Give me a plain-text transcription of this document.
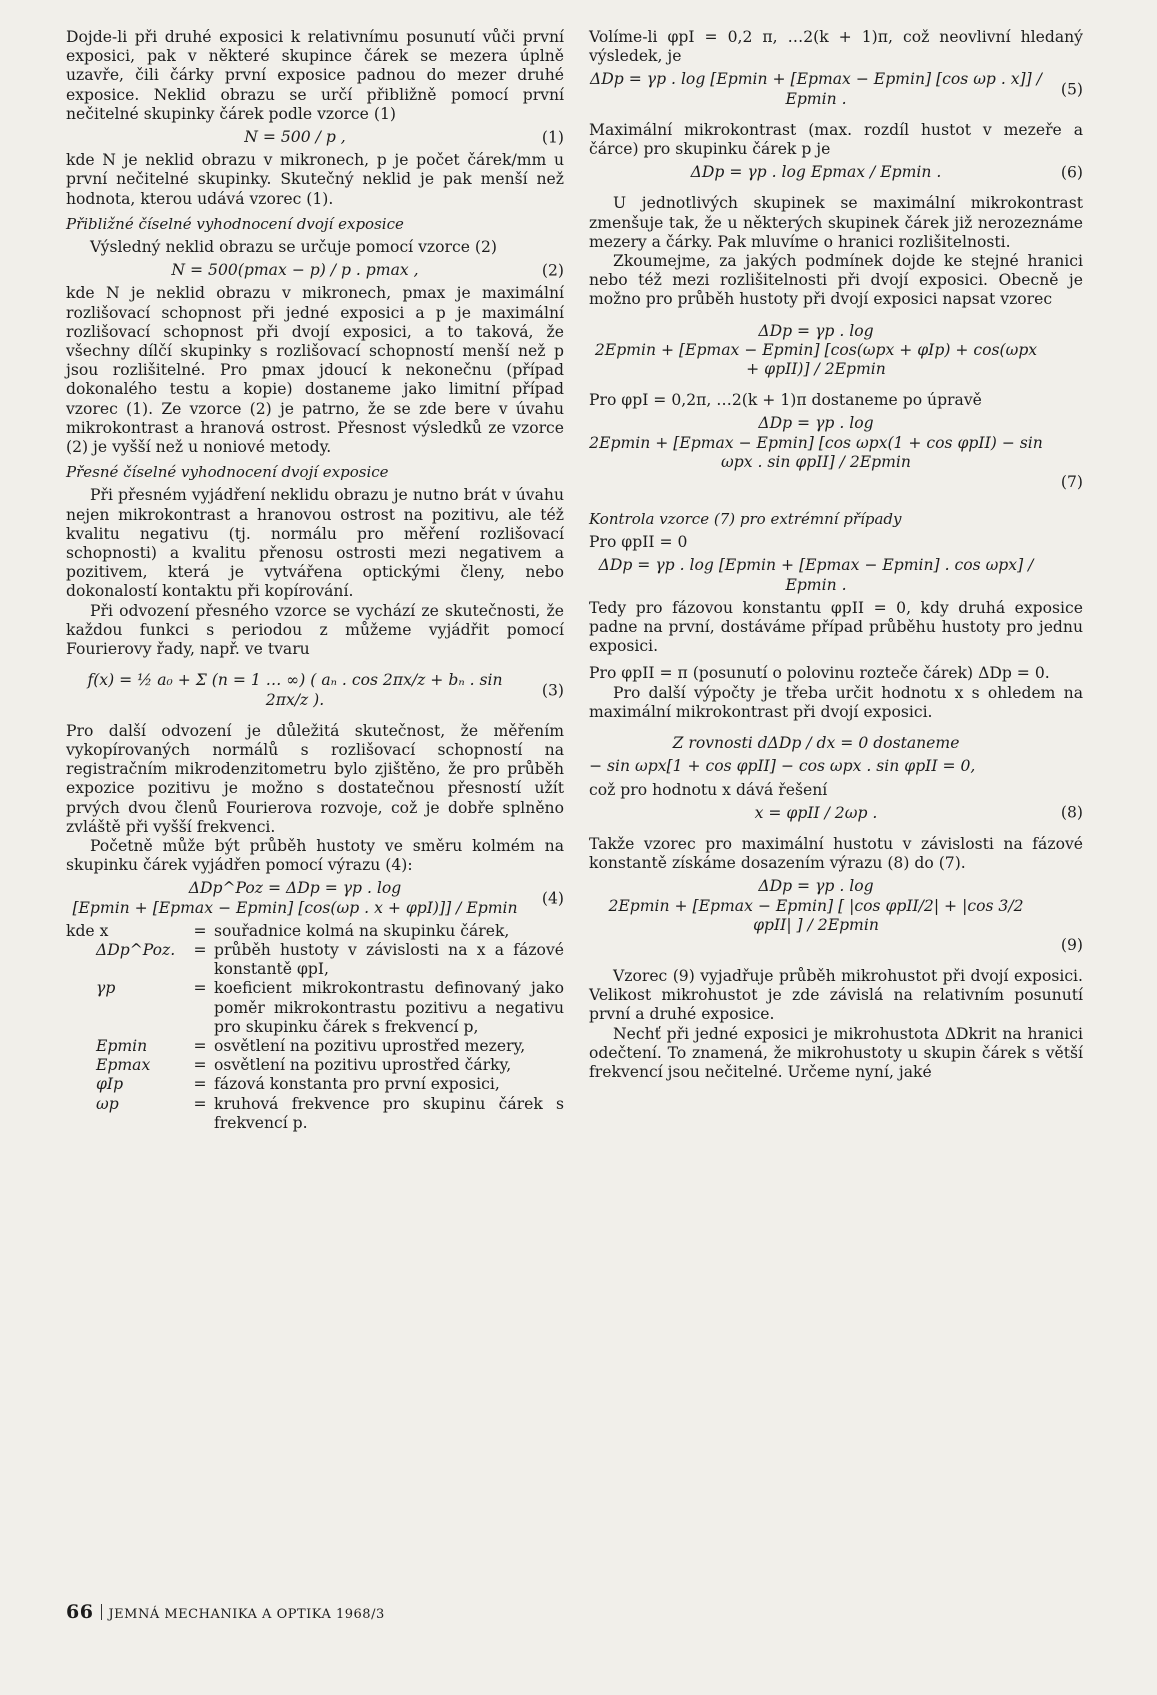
Dojde-li při druhé exposici k relativnímu posunutí vůči první exposici, pak v některé skupince čárek se mezera úplně uzavře, čili čárky první exposice padnou do mezer druhé exposice. Neklid obrazu se určí přibližně pomocí první nečitelné skupinky čárek podle vzorce (1)

N = 500 / p ,	(1)

kde N je neklid obrazu v mikronech, p je počet čárek/mm u první nečitelné skupinky. Skutečný neklid je pak menší než hodnota, kterou udává vzorec (1).

Přibližné číselné vyhodnocení dvojí exposice

Výsledný neklid obrazu se určuje pomocí vzorce (2)

N = 500(pmax − p) / p . pmax ,	(2)

kde N je neklid obrazu v mikronech, pmax je maximální rozlišovací schopnost při jedné exposici a p je maximální rozlišovací schopnost při dvojí exposici, a to taková, že všechny dílčí skupinky s rozlišovací schopností menší než p jsou rozlišitelné. Pro pmax jdoucí k nekonečnu (případ dokonalého testu a kopie) dostaneme jako limitní případ vzorec (1). Ze vzorce (2) je patrno, že se zde bere v úvahu mikrokontrast a hranová ostrost. Přesnost výsledků ze vzorce (2) je vyšší než u noniové metody.

Přesné číselné vyhodnocení dvojí exposice

Při přesném vyjádření neklidu obrazu je nutno brát v úvahu nejen mikrokontrast a hranovou ostrost na pozitivu, ale též kvalitu negativu (tj. normálu pro měření rozlišovací schopnosti) a kvalitu přenosu ostrosti mezi negativem a pozitivem, která je vytvářena optickými členy, nebo dokonalostí kontaktu při kopírování.

Při odvození přesného vzorce se vychází ze skutečnosti, že každou funkci s periodou z můžeme vyjádřit pomocí Fourierovy řady, např. ve tvaru

f(x) = ½ a₀ + Σ (n = 1 … ∞) ( aₙ . cos 2πx/z + bₙ . sin 2πx/z ).
(3)

Pro další odvození je důležitá skutečnost, že měřením vykopírovaných normálů s rozlišovací schopností na registračním mikrodenzitometru bylo zjištěno, že pro průběh expozice pozitivu je možno s dostatečnou přesností užít prvých dvou členů Fourierova rozvoje, což je dobře splněno zvláště při vyšší frekvenci.

Početně může být průběh hustoty ve směru kolmém na skupinku čárek vyjádřen pomocí výrazu (4):

ΔDp^Poz = ΔDp = γp . log
[Epmin + [Epmax − Epmin] [cos(ωp . x + φpI)]] / Epmin
(4)
kde x	= souřadnice kolmá na skupinku čárek,
ΔDp^Poz.	= průběh hustoty v závislosti na x a fázové konstantě φpI,
γp	= koeficient mikrokontrastu definovaný jako poměr mikrokontrastu pozitivu a negativu pro skupinku čárek s frekvencí p,
Epmin	= osvětlení na pozitivu uprostřed mezery,
Epmax	= osvětlení na pozitivu uprostřed čárky,
φIp	= fázová konstanta pro první exposici,
ωp	= kruhová frekvence pro skupinu čárek s frekvencí p.

Volíme-li φpI = 0,2 π, …2(k + 1)π, což neovlivní hledaný výsledek, je

ΔDp = γp . log [Epmin + [Epmax − Epmin] [cos ωp . x]] / Epmin .
(5)

Maximální mikrokontrast (max. rozdíl hustot v mezeře a čárce) pro skupinku čárek p je

ΔDp = γp . log Epmax / Epmin .	(6)

U jednotlivých skupinek se maximální mikrokontrast zmenšuje tak, že u některých skupinek čárek již nerozeznáme mezery a čárky. Pak mluvíme o hranici rozlišitelnosti.

Zkoumejme, za jakých podmínek dojde ke stejné hranici nebo též mezi rozlišitelnosti při dvojí exposici. Obecně je možno pro průběh hustoty při dvojí exposici napsat vzorec

ΔDp = γp . log
2Epmin + [Epmax − Epmin] [cos(ωpx + φIp) + cos(ωpx + φpII)] / 2Epmin

Pro φpI = 0,2π, …2(k + 1)π dostaneme po úpravě

ΔDp = γp . log
2Epmin + [Epmax − Epmin] [cos ωpx(1 + cos φpII) − sin ωpx . sin φpII] / 2Epmin
(7)
Kontrola vzorce (7) pro extrémní případy

Pro φpII = 0

ΔDp = γp . log [Epmin + [Epmax − Epmin] . cos ωpx] / Epmin .

Tedy pro fázovou konstantu φpII = 0, kdy druhá exposice padne na první, dostáváme případ průběhu hustoty pro jednu exposici.

Pro φpII = π (posunutí o polovinu rozteče čárek) ΔDp = 0.

Pro další výpočty je třeba určit hodnotu x s ohledem na maximální mikrokontrast při dvojí exposici.

Z rovnosti dΔDp / dx = 0 dostaneme
− sin ωpx[1 + cos φpII] − cos ωpx . sin φpII = 0,

což pro hodnotu x dává řešení

x = φpII / 2ωp .	(8)

Takže vzorec pro maximální hustotu v závislosti na fázové konstantě získáme dosazením výrazu (8) do (7).

ΔDp = γp . log
2Epmin + [Epmax − Epmin] [ |cos φpII/2| + |cos 3/2 φpII| ] / 2Epmin
(9)

Vzorec (9) vyjadřuje průběh mikrohustot při dvojí exposici. Velikost mikrohustot je zde závislá na relativním posunutí první a druhé exposice.

Nechť při jedné exposici je mikrohustota ΔDkrit na hranici odečtení. To znamená, že mikrohustoty u skupin čárek s větší frekvencí jsou nečitelné. Určeme nyní, jaké

66 JEMNÁ MECHANIKA A OPTIKA 1968/3
